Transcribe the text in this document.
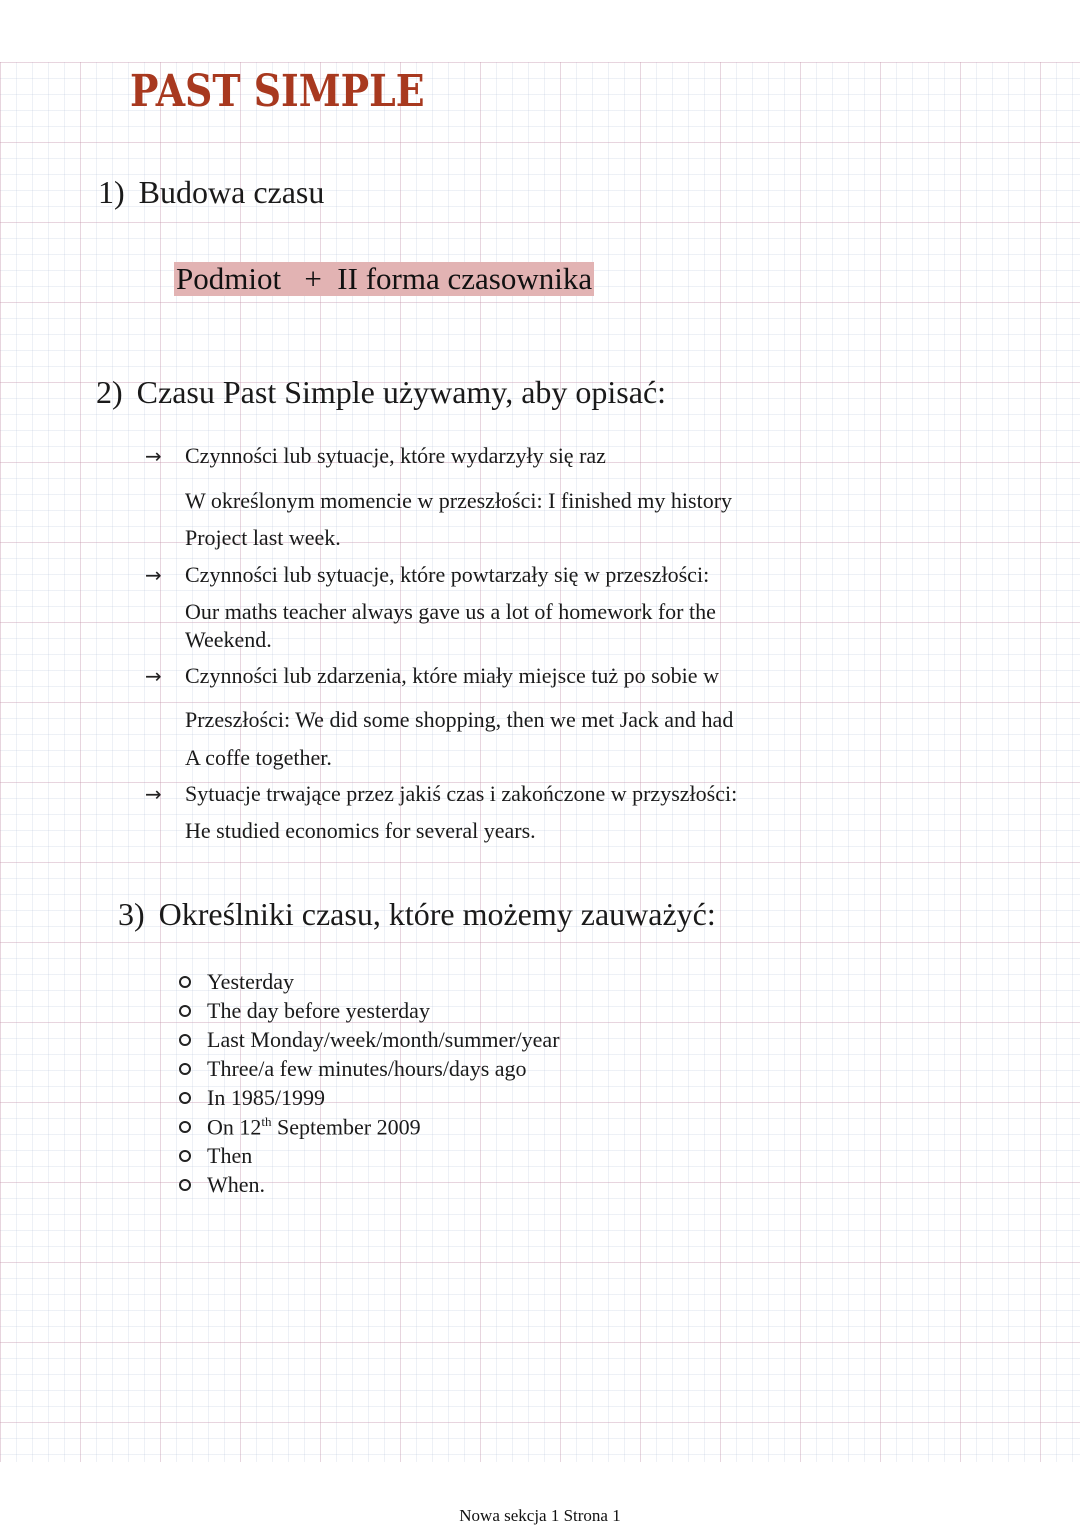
PAST SIMPLE
1) Budowa czasu
Podmiot   +  II forma czasownika
2) Czasu Past Simple używamy, aby opisać:
→ Czynności lub sytuacje, które wydarzyły się raz
W określonym momencie w przeszłości: I finished my history
Project last week.
→ Czynności lub sytuacje, które powtarzały się w przeszłości:
Our maths teacher always gave us a lot of homework for the
Weekend.
→ Czynności lub zdarzenia, które miały miejsce tuż po sobie w
Przeszłości: We did some shopping, then we met Jack and had
A coffe together.
→ Sytuacje trwające przez jakiś czas i zakończone w przyszłości:
He studied economics for several years.
3) Określniki czasu, które możemy zauważyć:
Yesterday
The day before yesterday
Last Monday/week/month/summer/year
Three/a few minutes/hours/days ago
In 1985/1999
On 12th September 2009
Then
When.
Nowa sekcja 1 Strona 1
